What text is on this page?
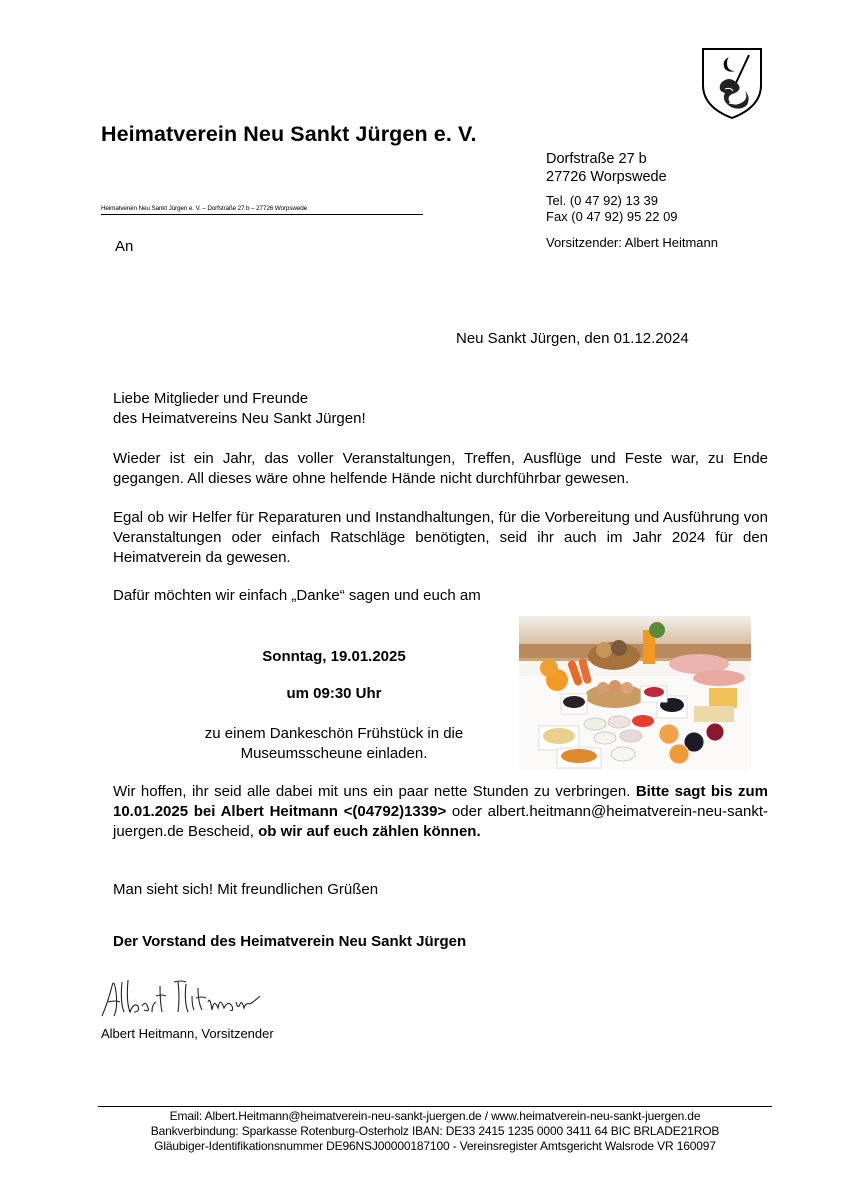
Heimatverein Neu Sankt Jürgen e. V.
Heimatverein Neu Sankt Jürgen e. V. – Dorfstraße 27 b – 27726 Worpswede
An
Dorfstraße 27 b
27726 Worpswede
Tel. (0 47 92) 13 39
Fax (0 47 92) 95 22 09
Vorsitzender: Albert Heitmann
Neu Sankt Jürgen, den 01.12.2024
Liebe Mitglieder und Freunde
des Heimatvereins Neu Sankt Jürgen!
Wieder ist ein Jahr, das voller Veranstaltungen, Treffen, Ausflüge und Feste war, zu Ende gegangen. All dieses wäre ohne helfende Hände nicht durchführbar gewesen.
Egal ob wir Helfer für Reparaturen und Instandhaltungen, für die Vorbereitung und Ausführung von Veranstaltungen oder einfach Ratschläge benötigten, seid ihr auch im Jahr 2024 für den Heimatverein da gewesen.
Dafür möchten wir einfach „Danke“ sagen und euch am
Sonntag, 19.01.2025
um 09:30 Uhr
zu einem Dankeschön Frühstück in die
Museumsscheune einladen.
Wir hoffen, ihr seid alle dabei mit uns ein paar nette Stunden zu verbringen. Bitte sagt bis zum 10.01.2025 bei Albert Heitmann <(04792)1339> oder albert.heitmann@heimatverein-neu-sankt-juergen.de Bescheid, ob wir auf euch zählen können.
Man sieht sich! Mit freundlichen Grüßen
Der Vorstand des Heimatverein Neu Sankt Jürgen
Albert Heitmann, Vorsitzender
Email: Albert.Heitmann@heimatverein-neu-sankt-juergen.de / www.heimatverein-neu-sankt-juergen.de
Bankverbindung: Sparkasse Rotenburg-Osterholz IBAN: DE33 2415 1235 0000 3411 64 BIC BRLADE21ROB
Gläubiger-Identifikationsnummer DE96NSJ00000187100 - Vereinsregister Amtsgericht Walsrode VR 160097
